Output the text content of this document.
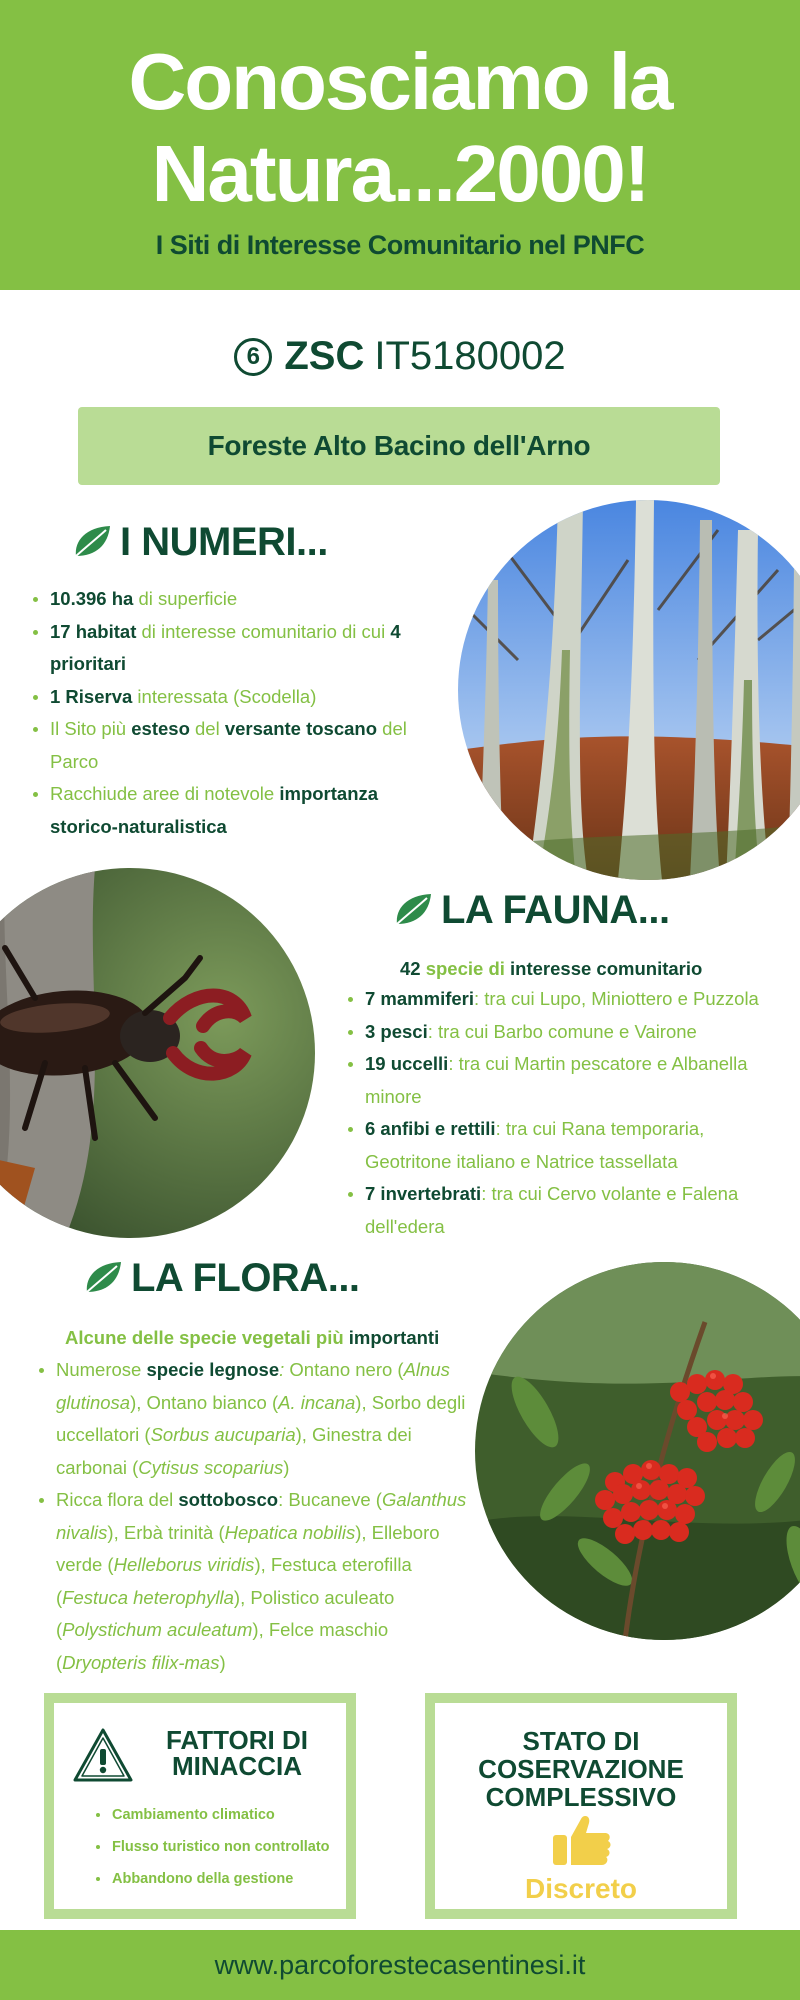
Conosciamo la
Natura...2000!
I Siti di Interesse Comunitario nel PNFC
6 ZSC IT5180002
Foreste Alto Bacino dell'Arno
I NUMERI...
10.396 ha di superficie
17 habitat di interesse comunitario di cui 4 prioritari
1 Riserva interessata (Scodella)
Il Sito più esteso del versante toscano del Parco
Racchiude aree di notevole importanza storico-naturalistica
LA FAUNA...
42 specie di interesse comunitario
7 mammiferi: tra cui Lupo, Miniottero e Puzzola
3 pesci: tra cui Barbo comune e Vairone
19 uccelli: tra cui Martin pescatore e Albanella minore
6 anfibi e rettili: tra cui Rana temporaria, Geotritone italiano e Natrice tassellata
7 invertebrati: tra cui Cervo volante e Falena dell'edera
LA FLORA...
Alcune delle specie vegetali più importanti
Numerose specie legnose: Ontano nero (Alnus glutinosa), Ontano bianco (A. incana), Sorbo degli uccellatori (Sorbus aucuparia), Ginestra dei carbonai (Cytisus scoparius)
Ricca flora del sottobosco: Bucaneve (Galanthus nivalis), Erbà trinità (Hepatica nobilis), Elleboro verde (Helleborus viridis), Festuca eterofilla (Festuca heterophylla), Polistico aculeato (Polystichum aculeatum), Felce maschio (Dryopteris filix-mas)
FATTORI DI
MINACCIA
Cambiamento climatico
Flusso turistico non controllato
Abbandono della gestione
STATO DI
COSERVAZIONE
COMPLESSIVO
Discreto
www.parcoforestecasentinesi.it
